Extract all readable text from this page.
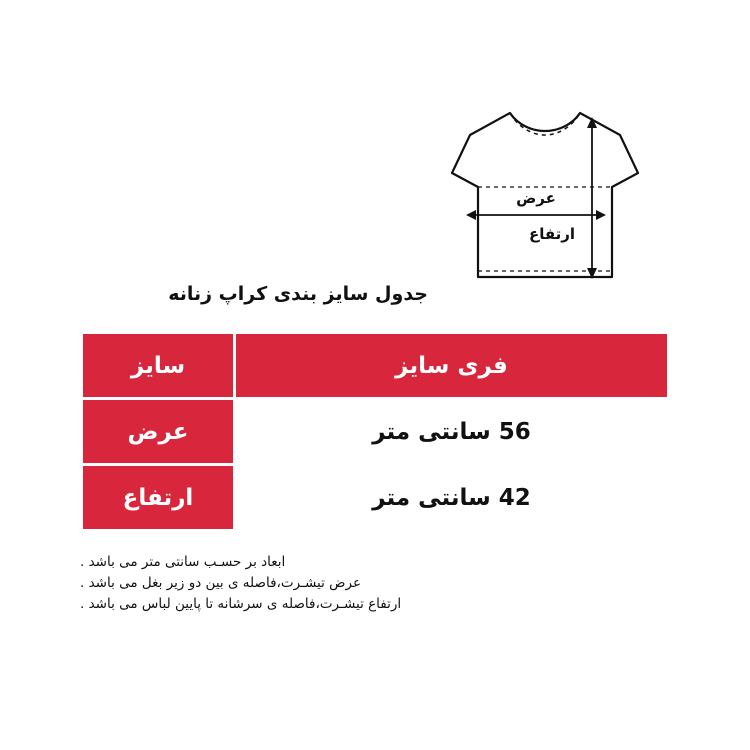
عرض
ارتفاع
جدول سایز بندی کراپ زنانه
فری سایز	سایز
56 سانتی متر	عرض
42 سانتی متر	ارتفاع
ابعاد بر حسـب سانتی متر می باشد .
عرض تیشـرت،فاصله ی بین دو زیر بغل می باشد .
ارتفاع تیشـرت،فاصله ی سرشانه تا پایین لباس می باشد .
